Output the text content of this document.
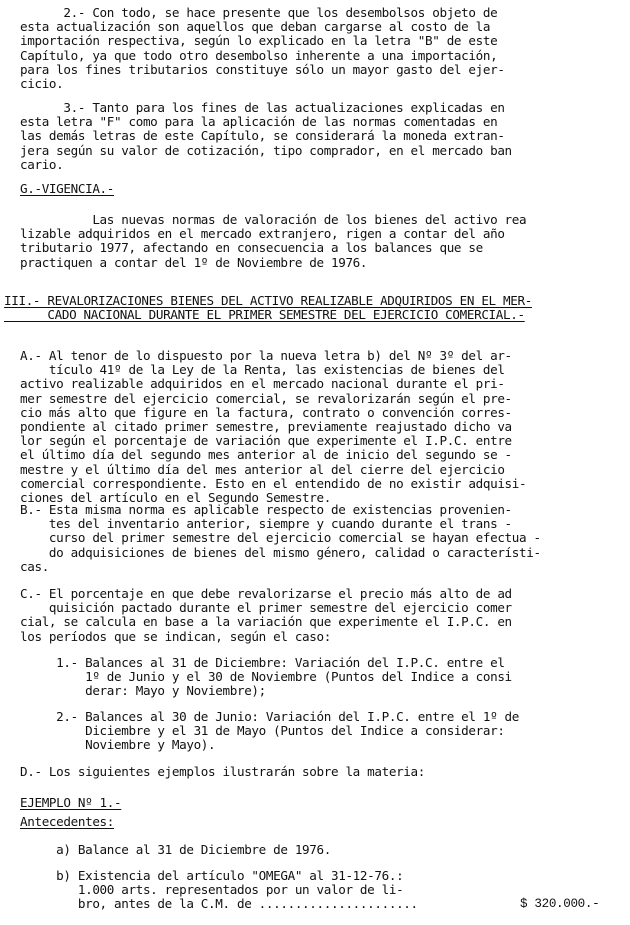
2.- Con todo, se hace presente que los desembolsos objeto de
esta actualización son aquellos que deban cargarse al costo de la
importación respectiva, según lo explicado en la letra "B" de este
Capítulo, ya que todo otro desembolso inherente a una importación,
para los fines tributarios constituye sólo un mayor gasto del ejer-
cicio.
3.- Tanto para los fines de las actualizaciones explicadas en
esta letra "F" como para la aplicación de las normas comentadas en
las demás letras de este Capítulo, se considerará la moneda extran-
jera según su valor de cotización, tipo comprador, en el mercado ban
cario.
G.-VIGENCIA.-
Las nuevas normas de valoración de los bienes del activo rea
lizable adquiridos en el mercado extranjero, rigen a contar del año
tributario 1977, afectando en consecuencia a los balances que se
practiquen a contar del 1º de Noviembre de 1976.
III.- REVALORIZACIONES BIENES DEL ACTIVO REALIZABLE ADQUIRIDOS EN EL MER-
CADO NACIONAL DURANTE EL PRIMER SEMESTRE DEL EJERCICIO COMERCIAL.-
A.- Al tenor de lo dispuesto por la nueva letra b) del Nº 3º del ar-
tículo 41º de la Ley de la Renta, las existencias de bienes del
activo realizable adquiridos en el mercado nacional durante el pri-
mer semestre del ejercicio comercial, se revalorizarán según el pre-
cio más alto que figure en la factura, contrato o convención corres-
pondiente al citado primer semestre, previamente reajustado dicho va
lor según el porcentaje de variación que experimente el I.P.C. entre
el último día del segundo mes anterior al de inicio del segundo se -
mestre y el último día del mes anterior al del cierre del ejercicio
comercial correspondiente. Esto en el entendido de no existir adquisi-
ciones del artículo en el Segundo Semestre.
B.- Esta misma norma es aplicable respecto de existencias provenien-
tes del inventario anterior, siempre y cuando durante el trans -
curso del primer semestre del ejercicio comercial se hayan efectua -
do adquisiciones de bienes del mismo género, calidad o característi-
cas.
C.- El porcentaje en que debe revalorizarse el precio más alto de ad
quisición pactado durante el primer semestre del ejercicio comer
cial, se calcula en base a la variación que experimente el I.P.C. en
los períodos que se indican, según el caso:
1.- Balances al 31 de Diciembre: Variación del I.P.C. entre el
1º de Junio y el 30 de Noviembre (Puntos del Indice a consi
derar: Mayo y Noviembre);
2.- Balances al 30 de Junio: Variación del I.P.C. entre el 1º de
Diciembre y el 31 de Mayo (Puntos del Indice a considerar:
Noviembre y Mayo).
D.- Los siguientes ejemplos ilustrarán sobre la materia:
EJEMPLO Nº 1.-
Antecedentes:
a) Balance al 31 de Diciembre de 1976.
b) Existencia del artículo "OMEGA" al 31-12-76.:
1.000 arts. representados por un valor de li-
bro, antes de la C.M. de ......................	$ 320.000.-
